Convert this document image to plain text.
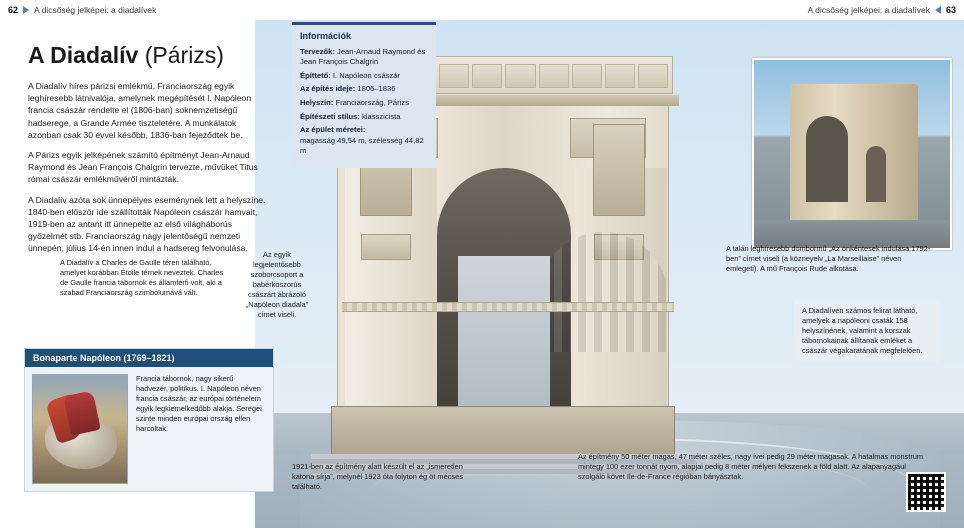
62 A dicsőség jelképei: a diadalívek	A dicsőség jelképei: a diadalívek 63
A Diadalív (Párizs)

A Diadalív híres párizsi emlékmű, Franciaország egyik leghíresebb látnivalója, amelynek megépítését I. Napóleon francia császár rendelte el (1806-ban) soknemzetiségű hadserege, a Grande Armée tiszteletére. A munkálatok azonban csak 30 évvel később, 1836-ban fejeződtek be.

A Párizs egyik jelképének számító építményt Jean-Arnaud Raymond és Jean François Chalgrin tervezte, művüket Titus római császár emlékművéről mintázták.

A Diadalív azóta sok ünnepélyes eseménynek lett a helyszíne. 1840-ben először ide szállították Napóleon császár hamvait, 1919-ben az antant itt ünnepelte az első világháborús győzelmét stb. Franciaország nagy jelentőségű nemzeti ünnepén, július 14-én innen indul a hadsereg felvonulása.

Információk
Tervezők: Jean-Arnaud Raymond és Jean François Chalgrin
Építtető: I. Napóleon császár
Az építés ideje: 1806–1836
Helyszín: Franciaország, Párizs
Építészeti stílus: klasszicista
Az épület méretei:
magasság 49,54 m, szélesség 44,82 m
A Diadalív a Charles de Gaulle téren található, amelyet korábban Étoile térnek neveztek. Charles de Gaulle francia tábornok és államférfi volt, aki a szabad Franciaország szimbólumává vált.
Az egyik legjelentősebb szoborcsoport a babérkoszorús császárt ábrázoló „Napóleon diadala” címet viseli.
A talán leghíresebb dombormű „Az önkéntesek indulása 1792-ben” címet viseli (a közneyelv „La Marseillaise” néven emlegeti). A mű François Rude alkotása.
A Diadalíven számos felirat látható, amelyek a napóleoni csaták 158 helyszínének, valamint a korszak tábornokainak állítanak emléket a császár végakaratának megfelelően.
1921-ben az építmény alatt készült el az „ismeretlen katona sírja”, melynél 1923 óta folyton ég öt mécses található.
Az építmény 50 méter magas, 47 méter széles, nagy ívei pedig 29 méter magasak. A hatalmas monstrum mintegy 100 ezer tonnát nyom, alapjai pedig 8 méter mélyen fekszenek a föld alatt. Az alapanyagául szolgáló követ Ile-de-France régióban bányásztak.
Bonaparte Napóleon (1769–1821)
Francia tábornok, nagy sikerű hadvezér, politikus. I. Napóleon néven francia császár, az európai történelem egyik legkiemelkedőbb alakja. Seregei szinte minden európai ország ellen harcoltak.
